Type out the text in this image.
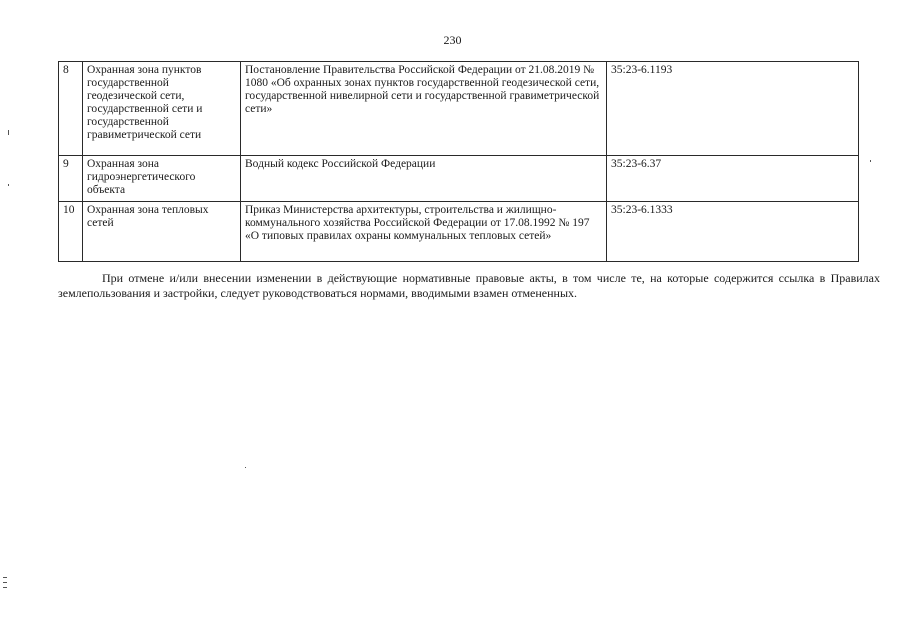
230
8	Охранная зона пунктов государственной геодезической сети, государственной сети и государственной гравиметрической сети	Постановление Правительства Российской Федерации от 21.08.2019 № 1080 «Об охранных зонах пунктов государственной геодезической сети, государственной нивелирной сети и государственной гравиметрической сети»	35:23-6.1193
9	Охранная зона гидроэнергетического объекта	Водный кодекс Российской Федерации	35:23-6.37
10	Охранная зона тепловых сетей	Приказ Министерства архитектуры, строительства и жилищно-коммунального хозяйства Российской Федерации от 17.08.1992 № 197 «О типовых правилах охраны коммунальных тепловых сетей»	35:23-6.1333
При отмене и/или внесении изменении в действующие нормативные правовые акты, в том числе те, на которые содержится ссылка в Правилах землепользования и застройки, следует руководствоваться нормами, вводимыми взамен отмененных.
